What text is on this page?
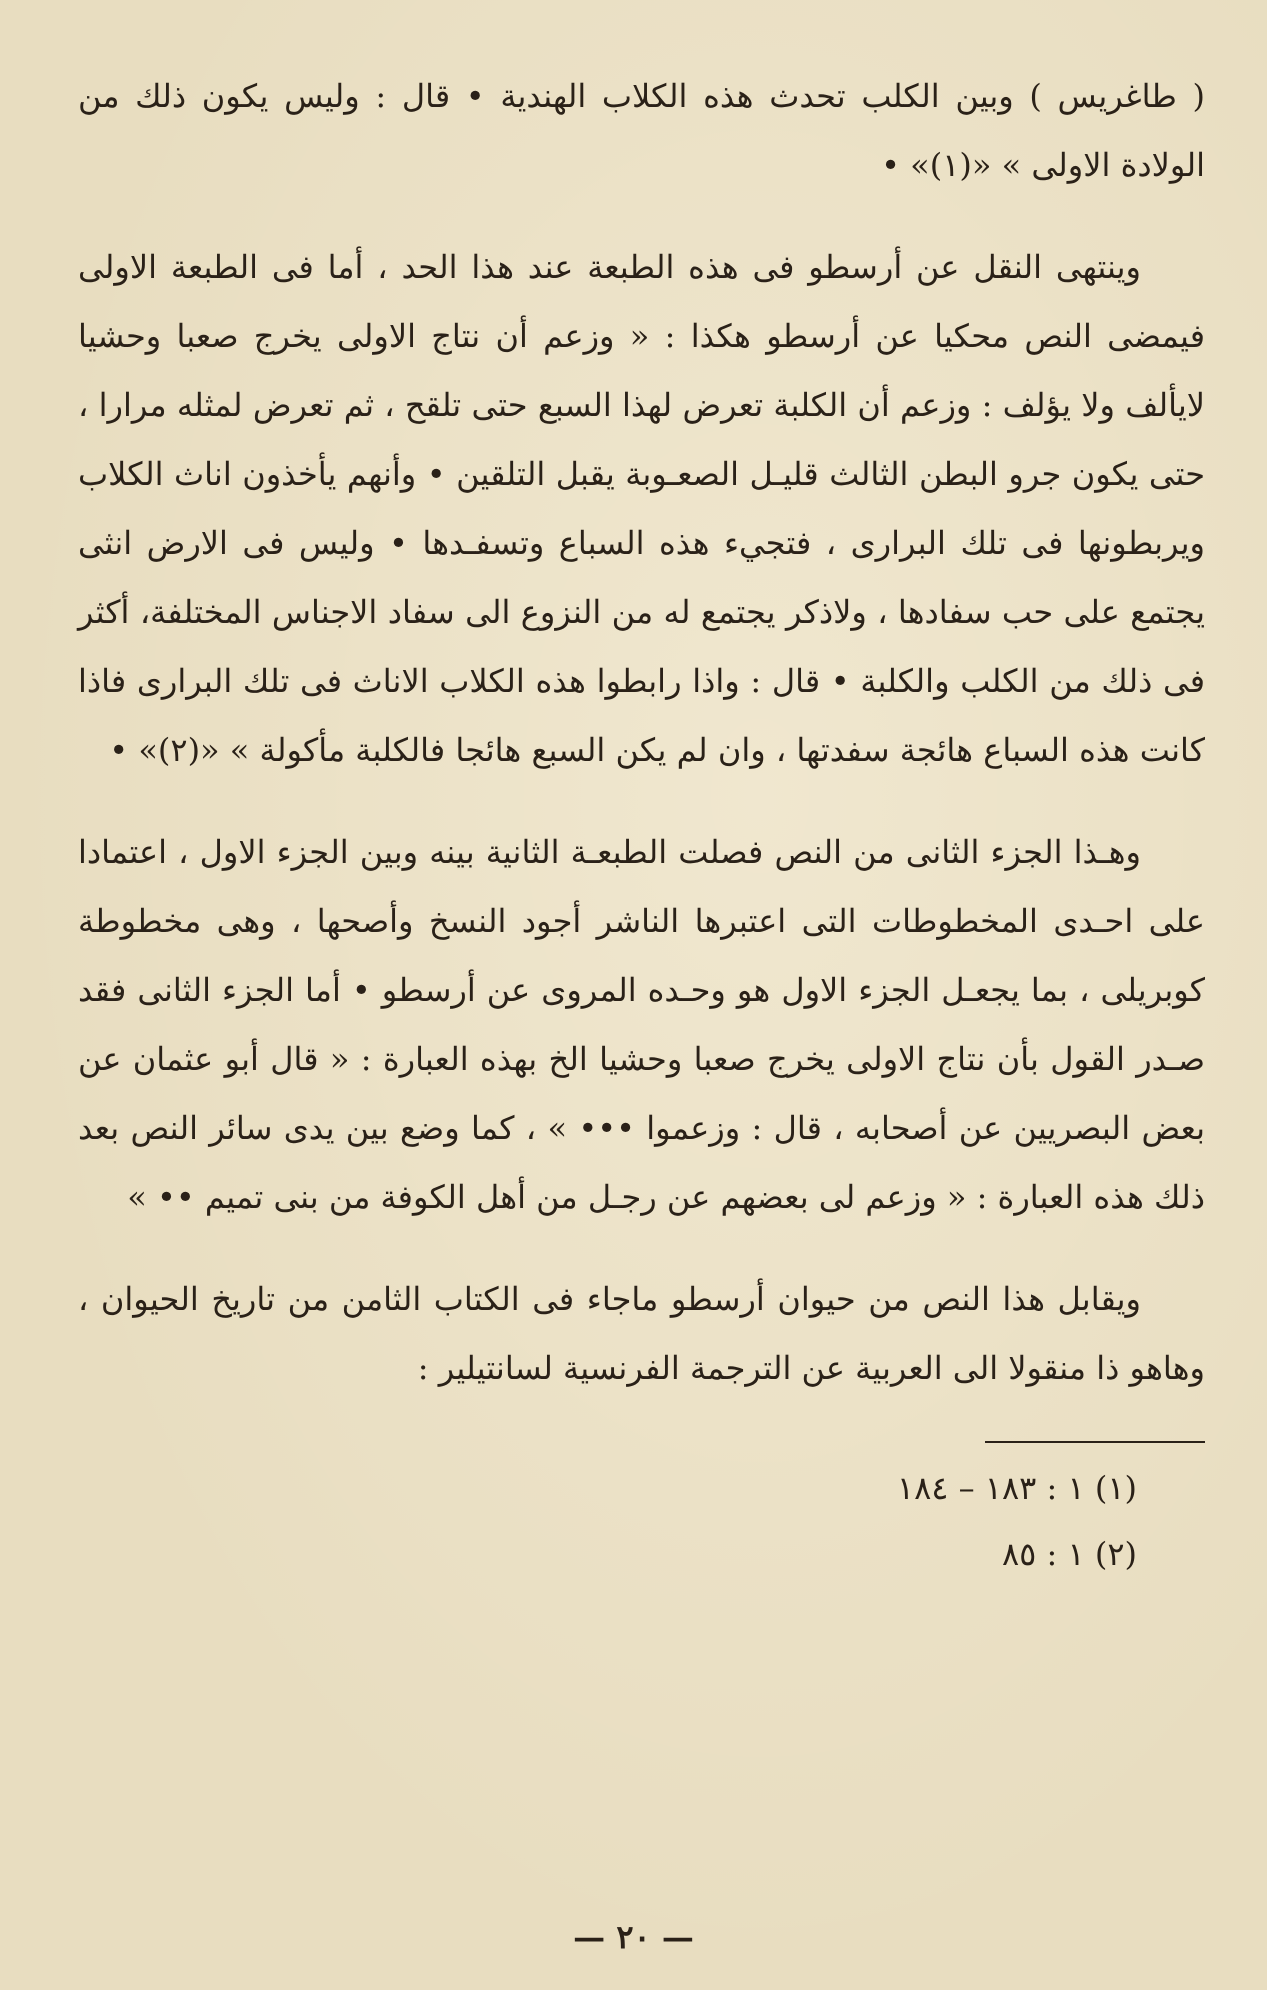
( طاغريس ) وبين الكلب تحدث هذه الكلاب الهندية • قال : وليس يكون ذلك من الولادة الاولى » «(١)» •

وينتهى النقل عن أرسطو فى هذه الطبعة عند هذا الحد ، أما فى الطبعة الاولى فيمضى النص محكيا عن أرسطو هكذا : « وزعم أن نتاج الاولى يخرج صعبا وحشيا لايألف ولا يؤلف : وزعم أن الكلبة تعرض لهذا السبع حتى تلقح ، ثم تعرض لمثله مرارا ، حتى يكون جرو البطن الثالث قليـل الصعـوبة يقبل التلقين • وأنهم يأخذون اناث الكلاب ويربطونها فى تلك البرارى ، فتجيء هذه السباع وتسفـدها • وليس فى الارض انثى يجتمع على حب سفادها ، ولاذكر يجتمع له من النزوع الى سفاد الاجناس المختلفة، أكثر فى ذلك من الكلب والكلبة • قال : واذا رابطوا هذه الكلاب الاناث فى تلك البرارى فاذا كانت هذه السباع هائجة سفدتها ، وان لم يكن السبع هائجا فالكلبة مأكولة » «(٢)» •

وهـذا الجزء الثانى من النص فصلت الطبعـة الثانية بينه وبين الجزء الاول ، اعتمادا على احـدى المخطوطات التى اعتبرها الناشر أجود النسخ وأصحها ، وهى مخطوطة كوبريلى ، بما يجعـل الجزء الاول هو وحـده المروى عن أرسطو • أما الجزء الثانى فقد صـدر القول بأن نتاج الاولى يخرج صعبا وحشيا الخ بهذه العبارة : « قال أبو عثمان عن بعض البصريين عن أصحابه ، قال : وزعموا ••• » ، كما وضع بين يدى سائر النص بعد ذلك هذه العبارة : « وزعم لى بعضهم عن رجـل من أهل الكوفة من بنى تميم •• »

ويقابل هذا النص من حيوان أرسطو ماجاء فى الكتاب الثامن من تاريخ الحيوان ، وهاهو ذا منقولا الى العربية عن الترجمة الفرنسية لسانتيلير :

(١) ١ : ١٨٣ – ١٨٤

(٢) ١ : ٨٥

— ٢٠ —
